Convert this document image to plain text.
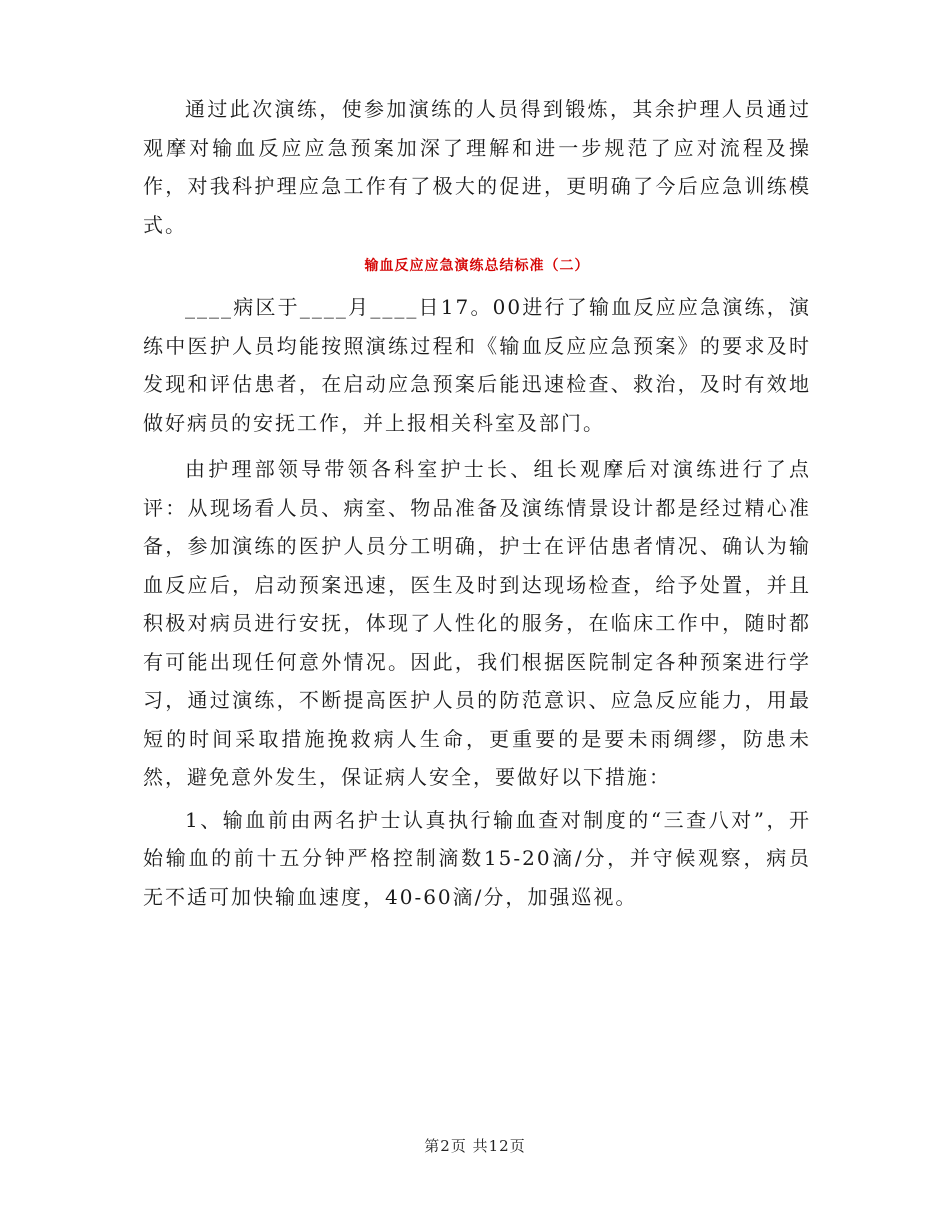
通过此次演练，使参加演练的人员得到锻炼，其余护理人员通过观摩对输血反应应急预案加深了理解和进一步规范了应对流程及操作，对我科护理应急工作有了极大的促进，更明确了今后应急训练模式。

输血反应应急演练总结标准（二）

____病区于____月____日17。00进行了输血反应应急演练，演练中医护人员均能按照演练过程和《输血反应应急预案》的要求及时发现和评估患者，在启动应急预案后能迅速检查、救治，及时有效地做好病员的安抚工作，并上报相关科室及部门。

由护理部领导带领各科室护士长、组长观摩后对演练进行了点评：从现场看人员、病室、物品准备及演练情景设计都是经过精心准备，参加演练的医护人员分工明确，护士在评估患者情况、确认为输血反应后，启动预案迅速，医生及时到达现场检查，给予处置，并且积极对病员进行安抚，体现了人性化的服务，在临床工作中，随时都有可能出现任何意外情况。因此，我们根据医院制定各种预案进行学习，通过演练，不断提高医护人员的防范意识、应急反应能力，用最短的时间采取措施挽救病人生命，更重要的是要未雨绸缪，防患未然，避免意外发生，保证病人安全，要做好以下措施：

1、输血前由两名护士认真执行输血查对制度的“三查八对”，开始输血的前十五分钟严格控制滴数15-20滴/分，并守候观察，病员无不适可加快输血速度，40-60滴/分，加强巡视。

第2页 共12页
